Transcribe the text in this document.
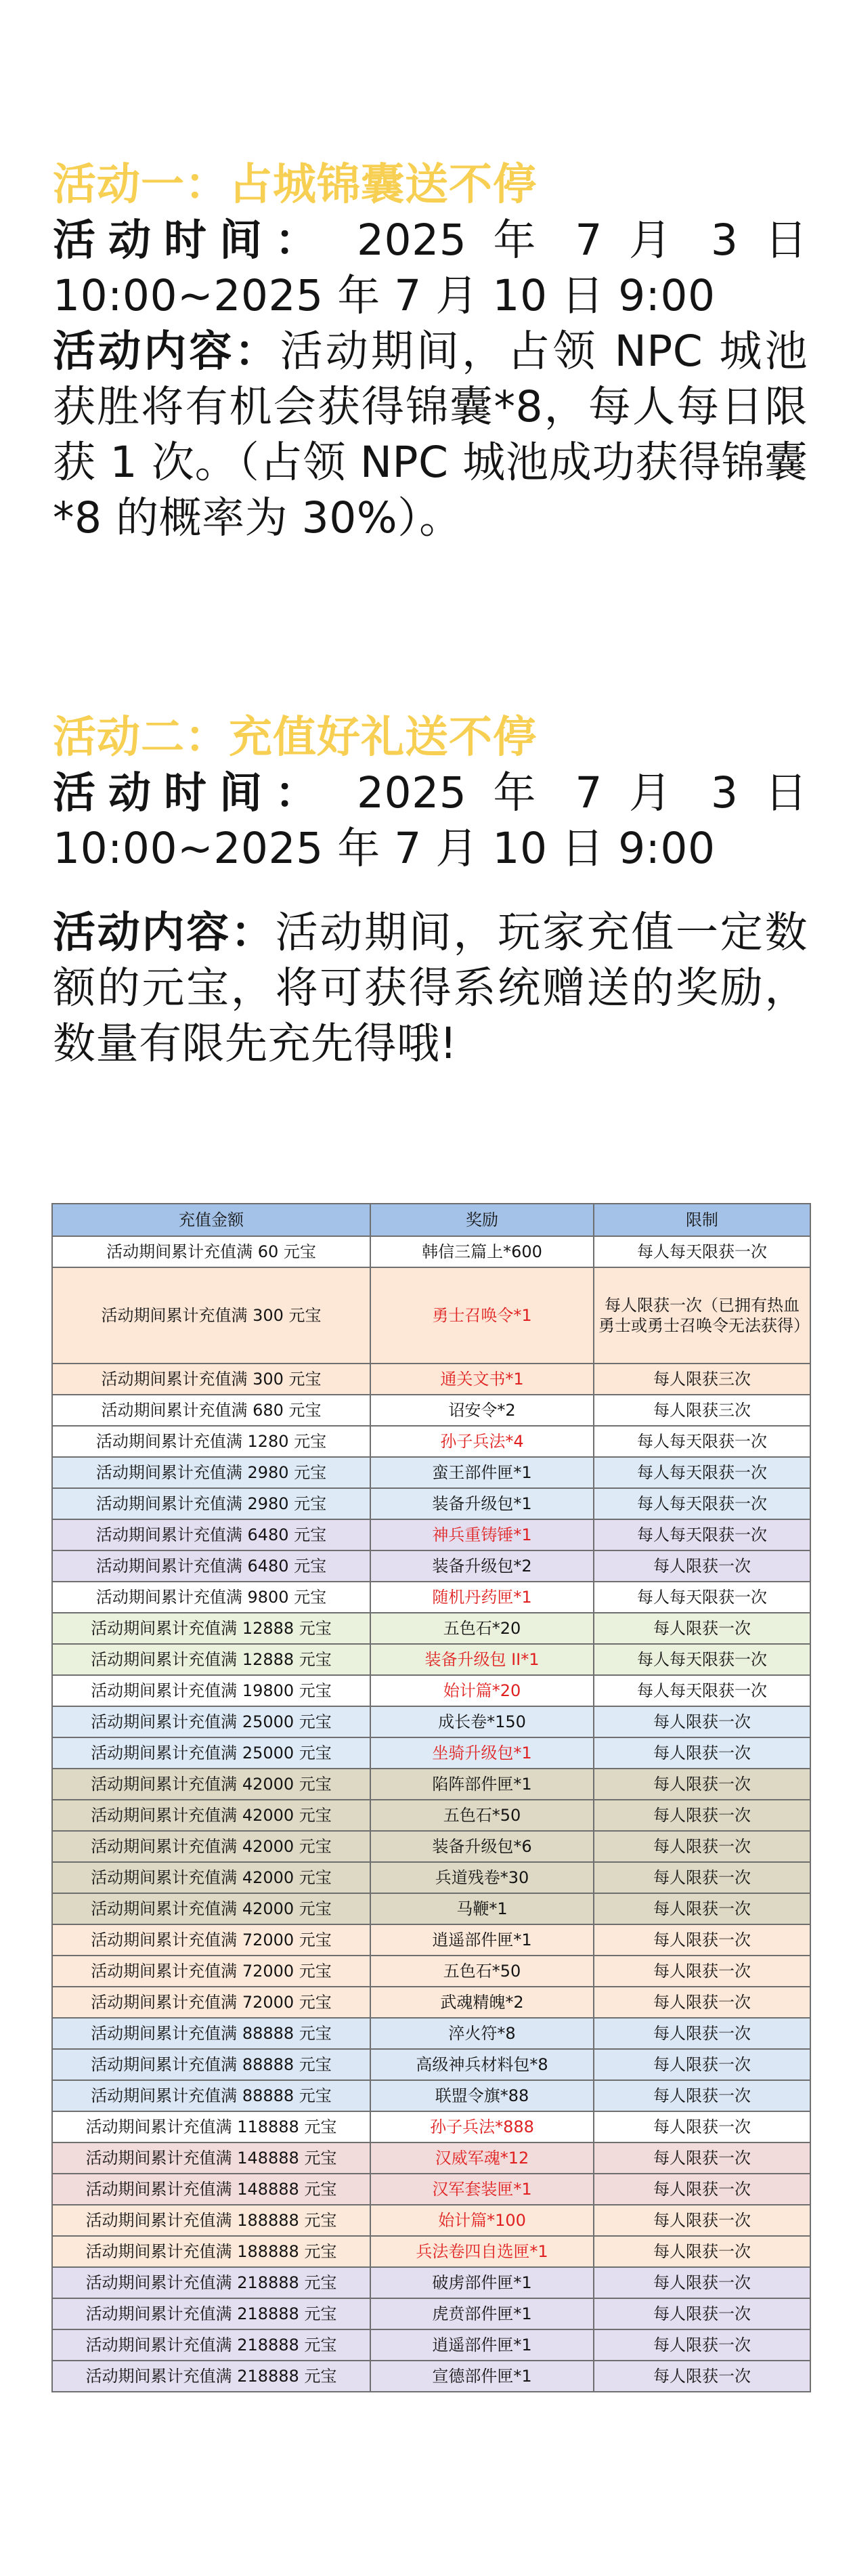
活动一：占城锦囊送不停
活动时间： 2025 年 7 月 3 日
10:00~2025 年 7 月 10 日 9:00
活动内容：活动期间，占领 NPC 城池获胜将有机会获得锦囊*8，每人每日限获 1 次。（占领 NPC 城池成功获得锦囊*8 的概率为 30%）。
活动二：充值好礼送不停
活动时间： 2025 年 7 月 3 日
10:00~2025 年 7 月 10 日 9:00
活动内容：活动期间，玩家充值一定数额的元宝，将可获得系统赠送的奖励，数量有限先充先得哦!
充值金额	奖励	限制
活动期间累计充值满 60 元宝	韩信三篇上*600	每人每天限获一次
活动期间累计充值满 300 元宝	勇士召唤令*1	每人限获一次（已拥有热血勇士或勇士召唤令无法获得）
活动期间累计充值满 300 元宝	通关文书*1	每人限获三次
活动期间累计充值满 680 元宝	诏安令*2	每人限获三次
活动期间累计充值满 1280 元宝	孙子兵法*4	每人每天限获一次
活动期间累计充值满 2980 元宝	蛮王部件匣*1	每人每天限获一次
活动期间累计充值满 2980 元宝	装备升级包*1	每人每天限获一次
活动期间累计充值满 6480 元宝	神兵重铸锤*1	每人每天限获一次
活动期间累计充值满 6480 元宝	装备升级包*2	每人限获一次
活动期间累计充值满 9800 元宝	随机丹药匣*1	每人每天限获一次
活动期间累计充值满 12888 元宝	五色石*20	每人限获一次
活动期间累计充值满 12888 元宝	装备升级包 II*1	每人每天限获一次
活动期间累计充值满 19800 元宝	始计篇*20	每人每天限获一次
活动期间累计充值满 25000 元宝	成长卷*150	每人限获一次
活动期间累计充值满 25000 元宝	坐骑升级包*1	每人限获一次
活动期间累计充值满 42000 元宝	陷阵部件匣*1	每人限获一次
活动期间累计充值满 42000 元宝	五色石*50	每人限获一次
活动期间累计充值满 42000 元宝	装备升级包*6	每人限获一次
活动期间累计充值满 42000 元宝	兵道残卷*30	每人限获一次
活动期间累计充值满 42000 元宝	马鞭*1	每人限获一次
活动期间累计充值满 72000 元宝	逍遥部件匣*1	每人限获一次
活动期间累计充值满 72000 元宝	五色石*50	每人限获一次
活动期间累计充值满 72000 元宝	武魂精魄*2	每人限获一次
活动期间累计充值满 88888 元宝	淬火符*8	每人限获一次
活动期间累计充值满 88888 元宝	高级神兵材料包*8	每人限获一次
活动期间累计充值满 88888 元宝	联盟令旗*88	每人限获一次
活动期间累计充值满 118888 元宝	孙子兵法*888	每人限获一次
活动期间累计充值满 148888 元宝	汉威军魂*12	每人限获一次
活动期间累计充值满 148888 元宝	汉军套装匣*1	每人限获一次
活动期间累计充值满 188888 元宝	始计篇*100	每人限获一次
活动期间累计充值满 188888 元宝	兵法卷四自选匣*1	每人限获一次
活动期间累计充值满 218888 元宝	破虏部件匣*1	每人限获一次
活动期间累计充值满 218888 元宝	虎贲部件匣*1	每人限获一次
活动期间累计充值满 218888 元宝	逍遥部件匣*1	每人限获一次
活动期间累计充值满 218888 元宝	宣德部件匣*1	每人限获一次
